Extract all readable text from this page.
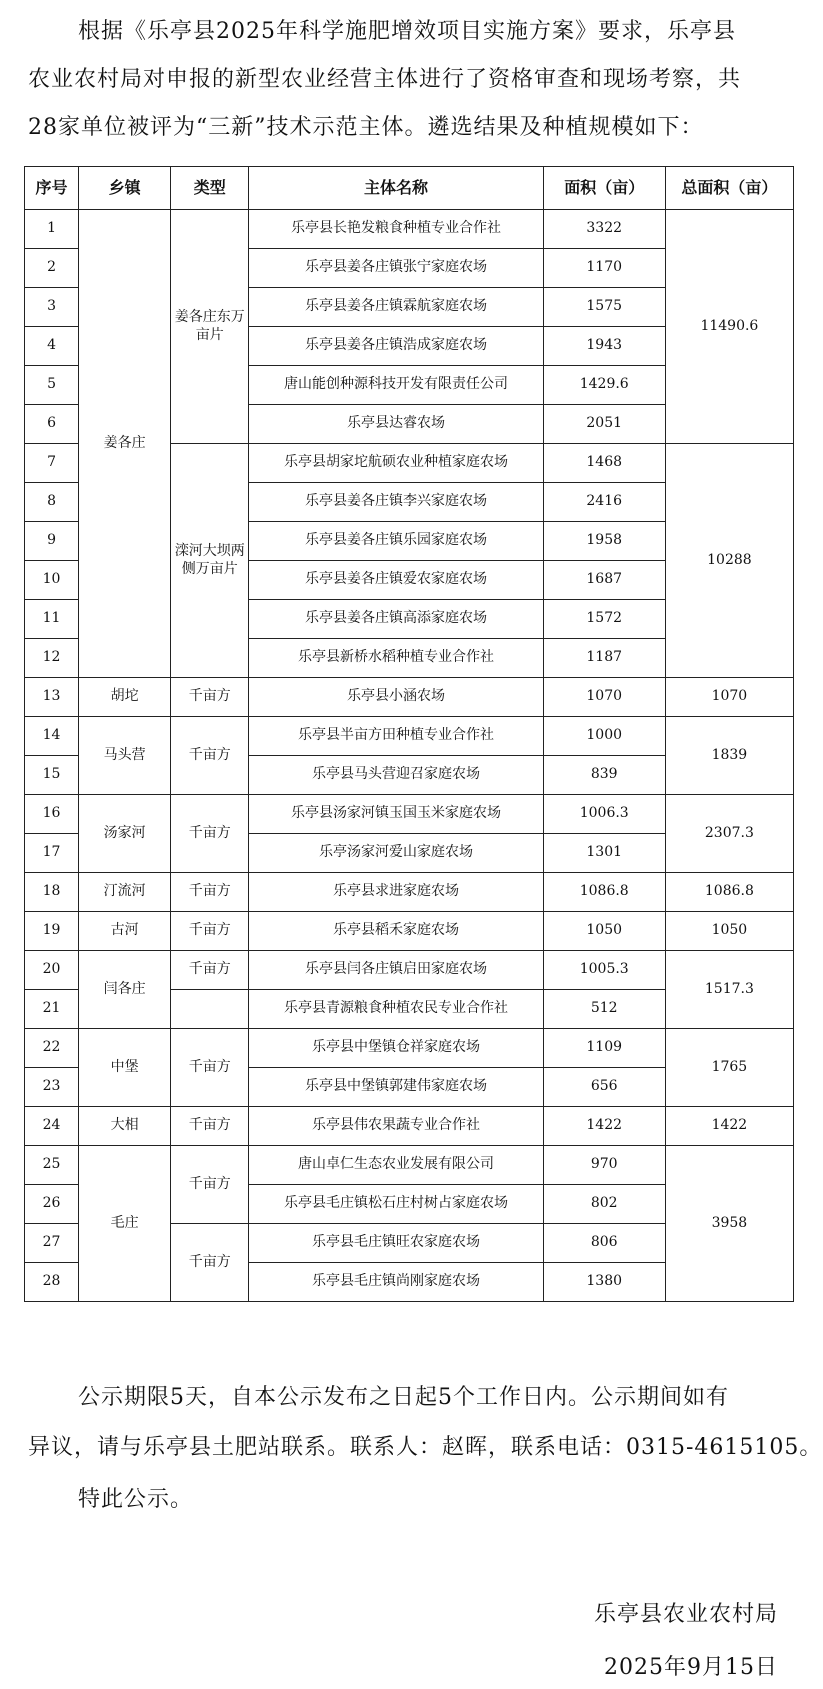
根据《乐亭县2025年科学施肥增效项目实施方案》要求，乐亭县
农业农村局对申报的新型农业经营主体进行了资格审查和现场考察，共
28家单位被评为“三新”技术示范主体。遴选结果及种植规模如下：
序号	乡镇	类型	主体名称	面积（亩）	总面积（亩）
1	姜各庄	姜各庄东万亩片	乐亭县长艳发粮食种植专业合作社	3322	11490.6
2			乐亭县姜各庄镇张宁家庭农场	1170	
3			乐亭县姜各庄镇霖航家庭农场	1575	
4			乐亭县姜各庄镇浩成家庭农场	1943	
5			唐山能创种源科技开发有限责任公司	1429.6	
6			乐亭县达睿农场	2051	
7		滦河大坝两侧万亩片	乐亭县胡家坨航硕农业种植家庭农场	1468	10288
8			乐亭县姜各庄镇李兴家庭农场	2416	
9			乐亭县姜各庄镇乐园家庭农场	1958	
10			乐亭县姜各庄镇爱农家庭农场	1687	
11			乐亭县姜各庄镇高添家庭农场	1572	
12			乐亭县新桥水稻种植专业合作社	1187	
13	胡坨	千亩方	乐亭县小涵农场	1070	1070
14	马头营	千亩方	乐亭县半亩方田种植专业合作社	1000	1839
15			乐亭县马头营迎召家庭农场	839	
16	汤家河	千亩方	乐亭县汤家河镇玉国玉米家庭农场	1006.3	2307.3
17			乐亭汤家河爱山家庭农场	1301	
18	汀流河	千亩方	乐亭县求进家庭农场	1086.8	1086.8
19	古河	千亩方	乐亭县稻禾家庭农场	1050	1050
20	闫各庄	千亩方	乐亭县闫各庄镇启田家庭农场	1005.3	1517.3
21			乐亭县青源粮食种植农民专业合作社	512	
22	中堡	千亩方	乐亭县中堡镇仓祥家庭农场	1109	1765
23			乐亭县中堡镇郭建伟家庭农场	656	
24	大相	千亩方	乐亭县伟农果蔬专业合作社	1422	1422
25	毛庄	千亩方	唐山卓仁生态农业发展有限公司	970	3958
26			乐亭县毛庄镇松石庄村树占家庭农场	802	
27		千亩方	乐亭县毛庄镇旺农家庭农场	806	
28			乐亭县毛庄镇尚刚家庭农场	1380	
公示期限5天，自本公示发布之日起5个工作日内。公示期间如有
异议，请与乐亭县土肥站联系。联系人：赵晖，联系电话：0315-4615105。
特此公示。
乐亭县农业农村局
2025年9月15日
